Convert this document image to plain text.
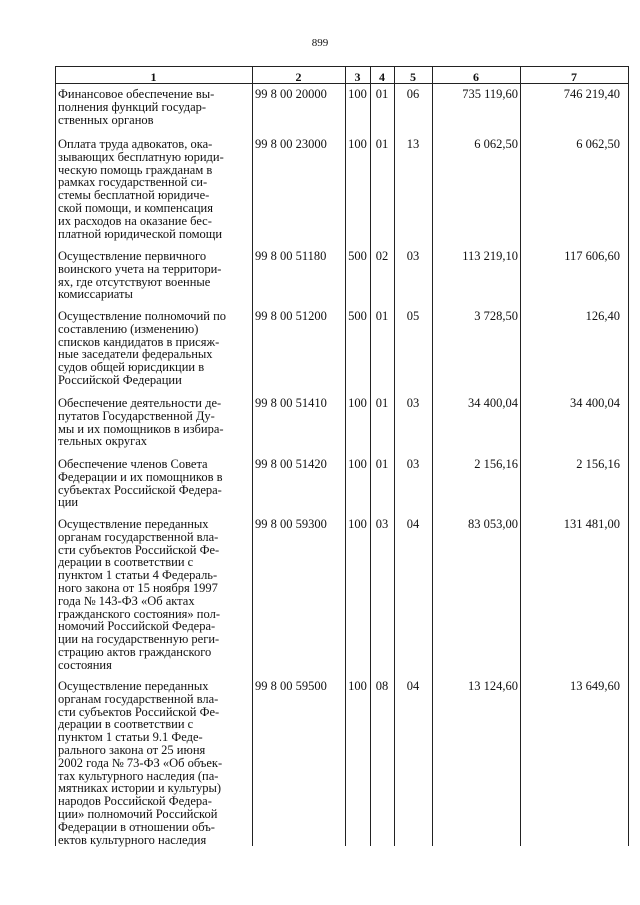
899
1	2	3	4	5	6	7
Финансовое обеспечение вы-
полнения функций государ-
ственных органов
99 8 00 20000	100 01	06	735 119,60	746 219,40
Оплата труда адвокатов, ока-
зывающих бесплатную юриди-
ческую помощь гражданам в
рамках государственной си-
стемы бесплатной юридиче-
ской помощи, и компенсация
их расходов на оказание бес-
платной юридической помощи
99 8 00 23000	100 01	13	6 062,50	6 062,50
Осуществление первичного
воинского учета на территори-
ях, где отсутствуют военные
комиссариаты
99 8 00 51180	500 02	03	113 219,10	117 606,60
Осуществление полномочий по
составлению (изменению)
списков кандидатов в присяж-
ные заседатели федеральных
судов общей юрисдикции в
Российской Федерации
99 8 00 51200	500 01	05	3 728,50	126,40
Обеспечение деятельности де-
путатов Государственной Ду-
мы и их помощников в избира-
тельных округах
99 8 00 51410	100 01	03	34 400,04	34 400,04
Обеспечение членов Совета
Федерации и их помощников в
субъектах Российской Федера-
ции
99 8 00 51420	100 01	03	2 156,16	2 156,16
Осуществление переданных
органам государственной вла-
сти субъектов Российской Фе-
дерации в соответствии с
пунктом 1 статьи 4 Федераль-
ного закона от 15 ноября 1997
года № 143-ФЗ «Об актах
гражданского состояния» пол-
номочий Российской Федера-
ции на государственную реги-
страцию актов гражданского
состояния
99 8 00 59300	100 03	04	83 053,00	131 481,00
Осуществление переданных
органам государственной вла-
сти субъектов Российской Фе-
дерации в соответствии с
пунктом 1 статьи 9.1 Феде-
рального закона от 25 июня
2002 года № 73-ФЗ «Об объек-
тах культурного наследия (па-
мятниках истории и культуры)
народов Российской Федера-
ции» полномочий Российской
Федерации в отношении объ-
ектов культурного наследия
99 8 00 59500	100 08	04	13 124,60	13 649,60
